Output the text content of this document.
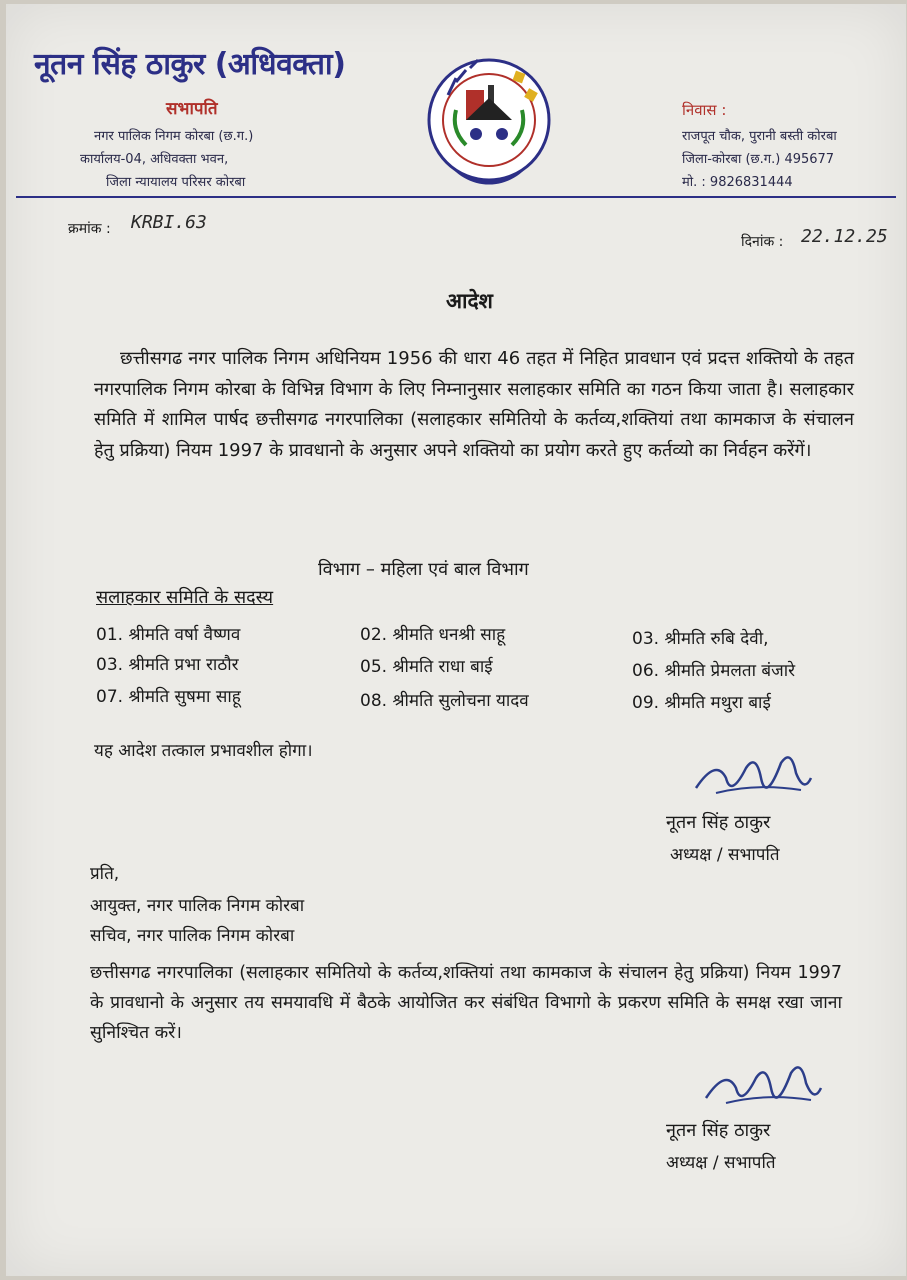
नूतन सिंह ठाकुर (अधिवक्ता)
सभापति
नगर पालिक निगम कोरबा (छ.ग.)
कार्यालय-04, अधिवक्ता भवन,
जिला न्यायालय परिसर कोरबा
निवास :
राजपूत चौक, पुरानी बस्ती कोरबा
जिला-कोरबा (छ.ग.) 495677
मो. : 9826831444
क्रमांक : KRBI.63
दिनांक : 22.12.25
आदेश
छत्तीसगढ नगर पालिक निगम अधिनियम 1956 की धारा 46 तहत में निहित प्रावधान एवं प्रदत्त शक्तियो के तहत नगरपालिक निगम कोरबा के विभिन्न विभाग के लिए निम्नानुसार सलाहकार समिति का गठन किया जाता है। सलाहकार समिति में शामिल पार्षद छत्तीसगढ नगरपालिका (सलाहकार समितियो के कर्तव्य,शक्तियां तथा कामकाज के संचालन हेतु प्रक्रिया) नियम 1997 के प्रावधानो के अनुसार अपने शक्तियो का प्रयोग करते हुए कर्तव्यो का निर्वहन करेंगें।
विभाग – महिला एवं बाल विभाग
सलाहकार समिति के सदस्य
01. श्रीमति वर्षा वैष्णव	02. श्रीमति धनश्री साहू	03. श्रीमति रुबि देवी,
03. श्रीमति प्रभा राठौर	05. श्रीमति राधा बाई	06. श्रीमति प्रेमलता बंजारे
07. श्रीमति सुषमा साहू	08. श्रीमति सुलोचना यादव	09. श्रीमति मथुरा बाई
यह आदेश तत्काल प्रभावशील होगा।
नूतन सिंह ठाकुर
अध्यक्ष / सभापति
प्रति,
आयुक्त, नगर पालिक निगम कोरबा
सचिव, नगर पालिक निगम कोरबा
छत्तीसगढ नगरपालिका (सलाहकार समितियो के कर्तव्य,शक्तियां तथा कामकाज के संचालन हेतु प्रक्रिया) नियम 1997 के प्रावधानो के अनुसार तय समयावधि में बैठके आयोजित कर संबंधित विभागो के प्रकरण समिति के समक्ष रखा जाना सुनिश्चित करें।
नूतन सिंह ठाकुर
अध्यक्ष / सभापति
